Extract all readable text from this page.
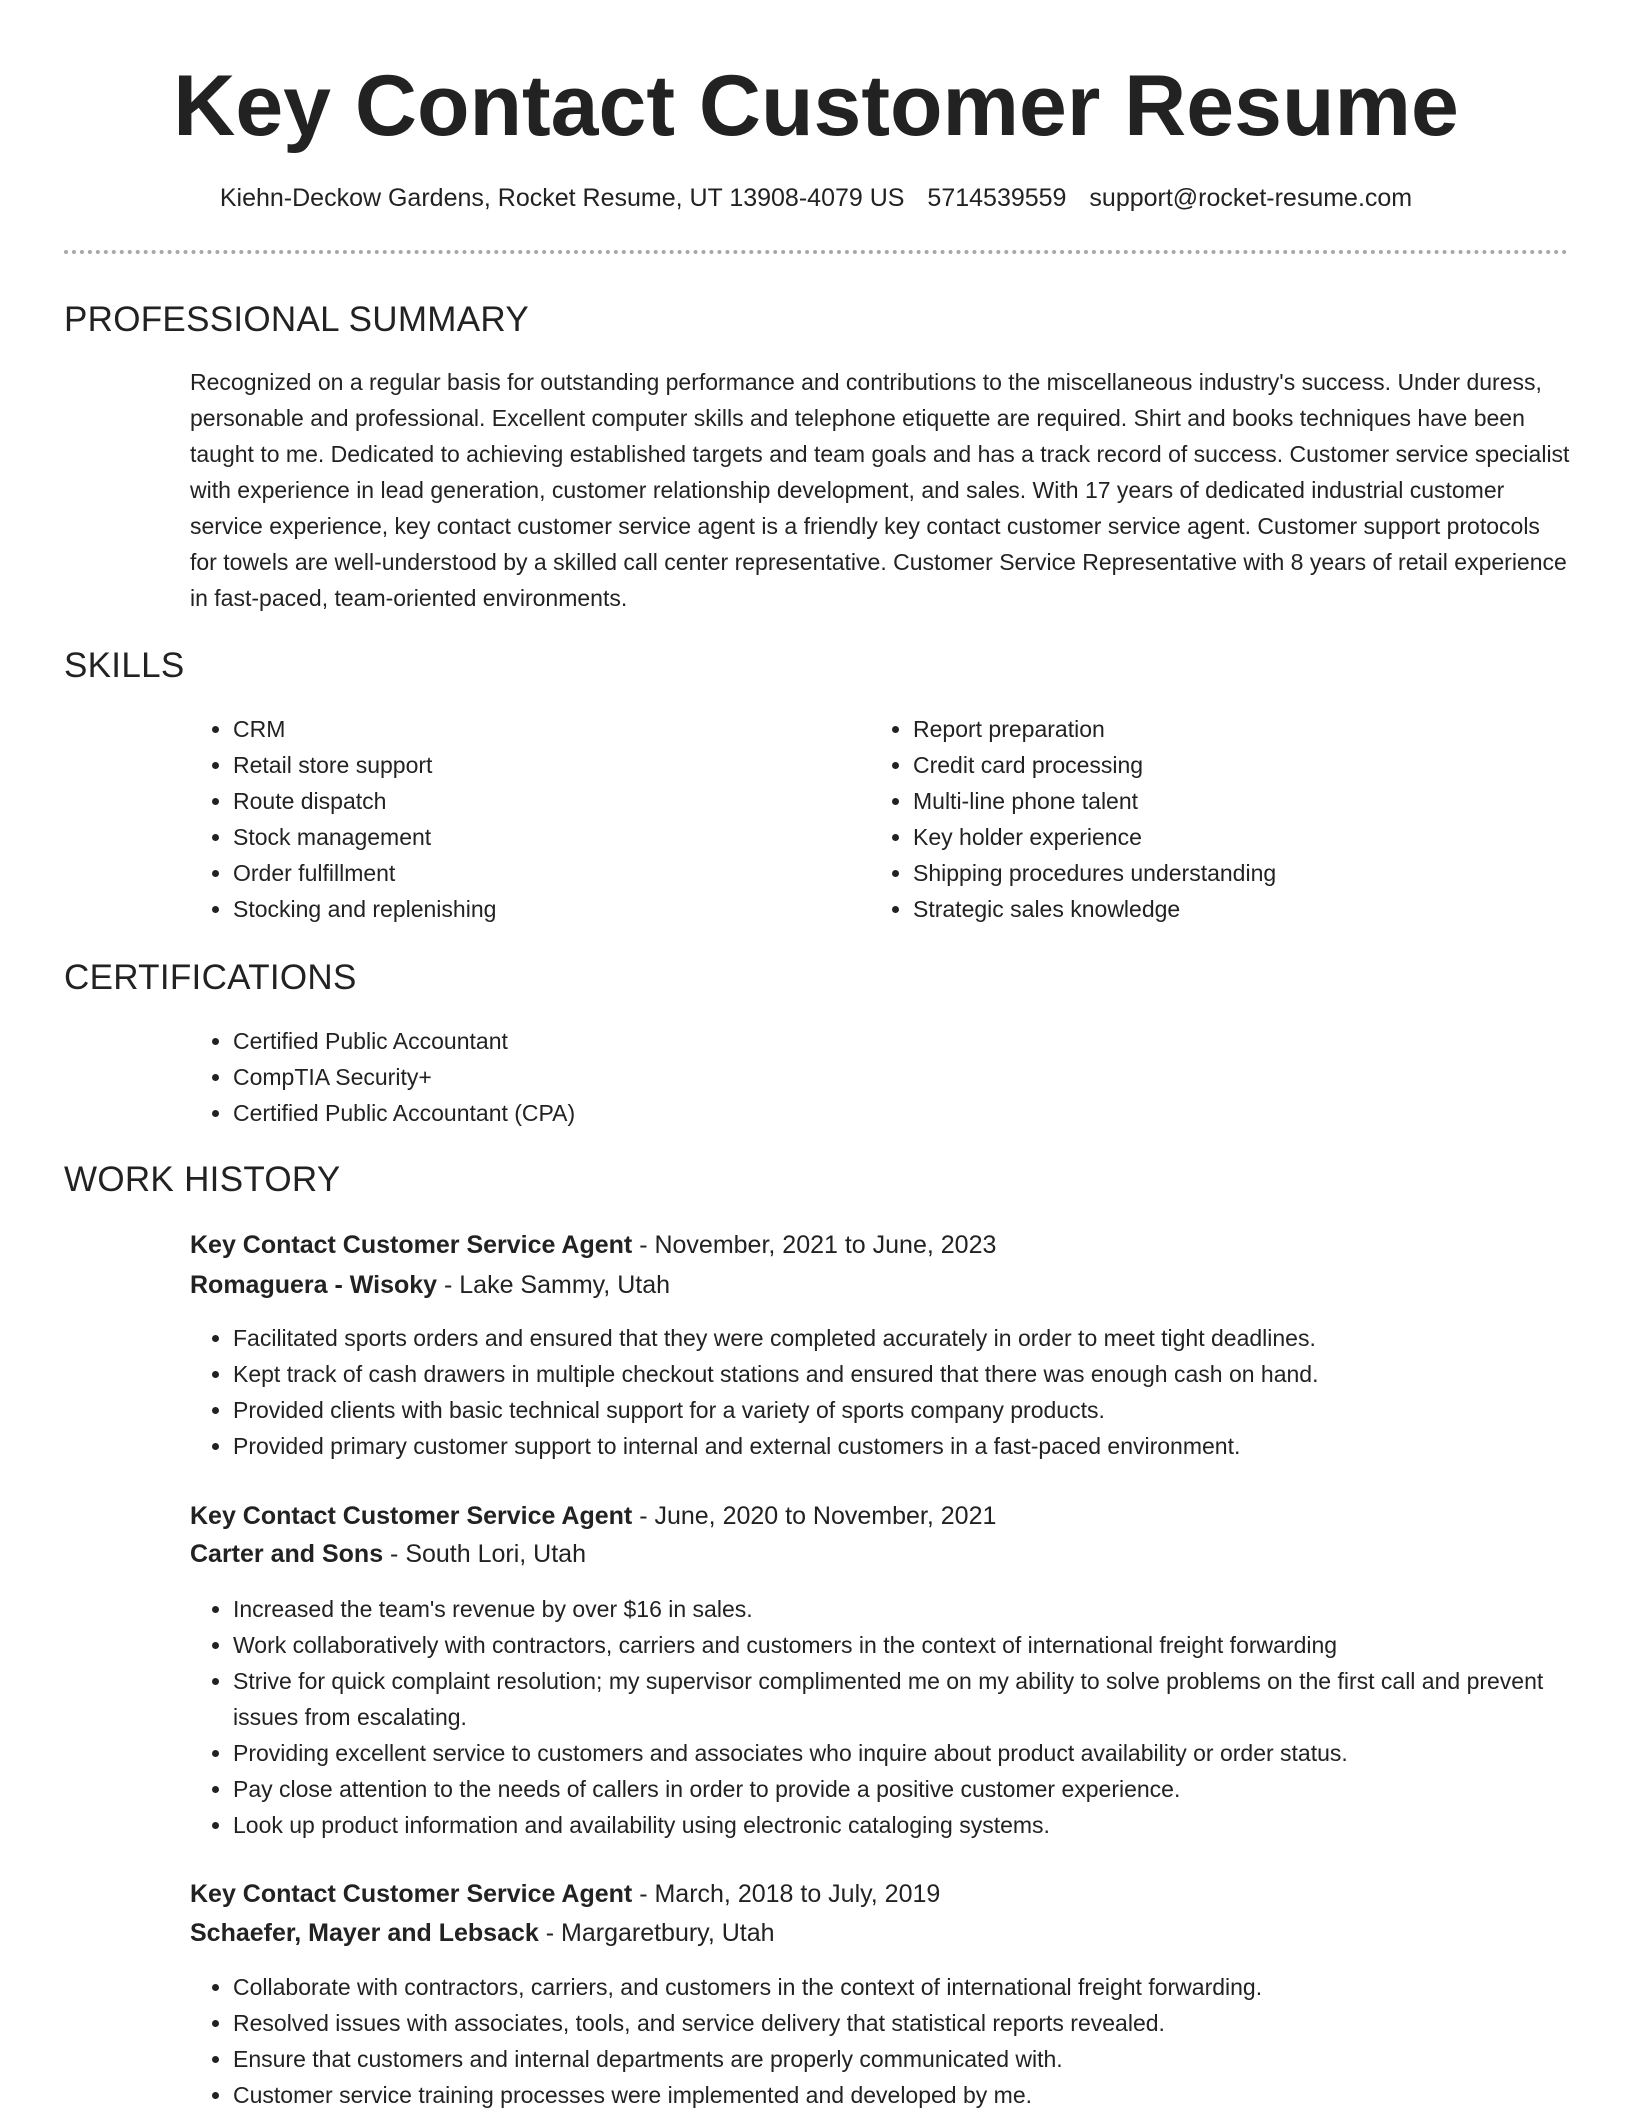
Key Contact Customer Resume
Kiehn-Deckow Gardens, Rocket Resume, UT 13908-4079 US 5714539559 support@rocket-resume.com
PROFESSIONAL SUMMARY

Recognized on a regular basis for outstanding performance and contributions to the miscellaneous industry's success. Under duress, personable and professional. Excellent computer skills and telephone etiquette are required. Shirt and books techniques have been taught to me. Dedicated to achieving established targets and team goals and has a track record of success. Customer service specialist with experience in lead generation, customer relationship development, and sales. With 17 years of dedicated industrial customer service experience, key contact customer service agent is a friendly key contact customer service agent. Customer support protocols for towels are well-understood by a skilled call center representative. Customer Service Representative with 8 years of retail experience in fast-paced, team-oriented environments.

SKILLS
• CRM
• Retail store support
• Route dispatch
• Stock management
• Order fulfillment
• Stocking and replenishing
• Report preparation
• Credit card processing
• Multi-line phone talent
• Key holder experience
• Shipping procedures understanding
• Strategic sales knowledge
CERTIFICATIONS
• Certified Public Accountant
• CompTIA Security+
• Certified Public Accountant (CPA)
WORK HISTORY
Key Contact Customer Service Agent - November, 2021 to June, 2023
Romaguera - Wisoky - Lake Sammy, Utah
• Facilitated sports orders and ensured that they were completed accurately in order to meet tight deadlines.
• Kept track of cash drawers in multiple checkout stations and ensured that there was enough cash on hand.
• Provided clients with basic technical support for a variety of sports company products.
• Provided primary customer support to internal and external customers in a fast-paced environment.
Key Contact Customer Service Agent - June, 2020 to November, 2021
Carter and Sons - South Lori, Utah
• Increased the team's revenue by over $16 in sales.
• Work collaboratively with contractors, carriers and customers in the context of international freight forwarding
• Strive for quick complaint resolution; my supervisor complimented me on my ability to solve problems on the first call and prevent issues from escalating.
• Providing excellent service to customers and associates who inquire about product availability or order status.
• Pay close attention to the needs of callers in order to provide a positive customer experience.
• Look up product information and availability using electronic cataloging systems.
Key Contact Customer Service Agent - March, 2018 to July, 2019
Schaefer, Mayer and Lebsack - Margaretbury, Utah
• Collaborate with contractors, carriers, and customers in the context of international freight forwarding.
• Resolved issues with associates, tools, and service delivery that statistical reports revealed.
• Ensure that customers and internal departments are properly communicated with.
• Customer service training processes were implemented and developed by me.
